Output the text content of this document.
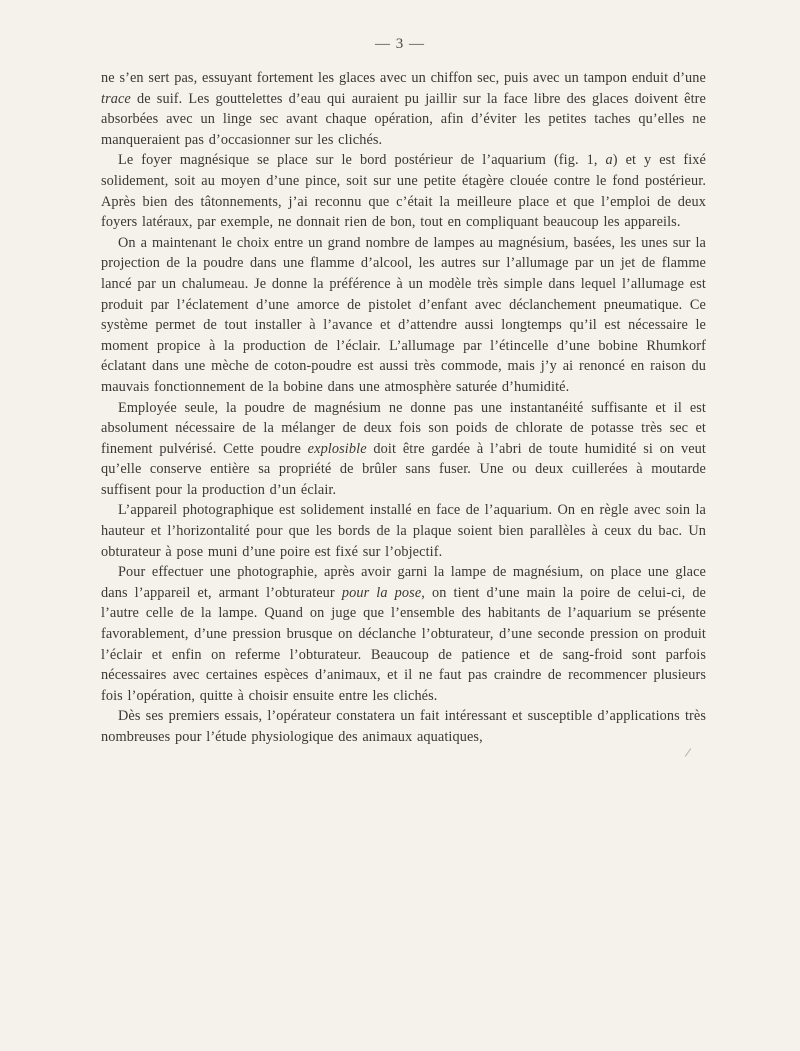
— 3 —

ne s’en sert pas, essuyant fortement les glaces avec un chiffon sec, puis avec un tampon enduit d’une trace de suif. Les gouttelettes d’eau qui auraient pu jaillir sur la face libre des glaces doivent être absorbées avec un linge sec avant chaque opération, afin d’éviter les petites taches qu’elles ne manqueraient pas d’occasionner sur les clichés.

Le foyer magnésique se place sur le bord postérieur de l’aquarium (fig. 1, a) et y est fixé solidement, soit au moyen d’une pince, soit sur une petite étagère clouée contre le fond postérieur. Après bien des tâtonnements, j’ai reconnu que c’était la meilleure place et que l’emploi de deux foyers latéraux, par exemple, ne donnait rien de bon, tout en compliquant beaucoup les appareils.

On a maintenant le choix entre un grand nombre de lampes au magnésium, basées, les unes sur la projection de la poudre dans une flamme d’alcool, les autres sur l’allumage par un jet de flamme lancé par un chalumeau. Je donne la préférence à un modèle très simple dans lequel l’allumage est produit par l’éclatement d’une amorce de pistolet d’enfant avec déclanchement pneumatique. Ce système permet de tout installer à l’avance et d’attendre aussi longtemps qu’il est nécessaire le moment propice à la production de l’éclair. L’allumage par l’étincelle d’une bobine Rhumkorf éclatant dans une mèche de coton-poudre est aussi très commode, mais j’y ai renoncé en raison du mauvais fonctionnement de la bobine dans une atmosphère saturée d’humidité.

Employée seule, la poudre de magnésium ne donne pas une instantanéité suffisante et il est absolument nécessaire de la mélanger de deux fois son poids de chlorate de potasse très sec et finement pulvérisé. Cette poudre explosible doit être gardée à l’abri de toute humidité si on veut qu’elle conserve entière sa propriété de brûler sans fuser. Une ou deux cuillerées à moutarde suffisent pour la production d’un éclair.

L’appareil photographique est solidement installé en face de l’aquarium. On en règle avec soin la hauteur et l’horizontalité pour que les bords de la plaque soient bien parallèles à ceux du bac. Un obturateur à pose muni d’une poire est fixé sur l’objectif.

Pour effectuer une photographie, après avoir garni la lampe de magnésium, on place une glace dans l’appareil et, armant l’obturateur pour la pose, on tient d’une main la poire de celui-ci, de l’autre celle de la lampe. Quand on juge que l’ensemble des habitants de l’aquarium se présente favorablement, d’une pression brusque on déclanche l’obturateur, d’une seconde pression on produit l’éclair et enfin on referme l’obturateur. Beaucoup de patience et de sang-froid sont parfois nécessaires avec certaines espèces d’animaux, et il ne faut pas craindre de recommencer plusieurs fois l’opération, quitte à choisir ensuite entre les clichés.

Dès ses premiers essais, l’opérateur constatera un fait intéressant et susceptible d’applications très nombreuses pour l’étude physiologique des animaux aquatiques,
